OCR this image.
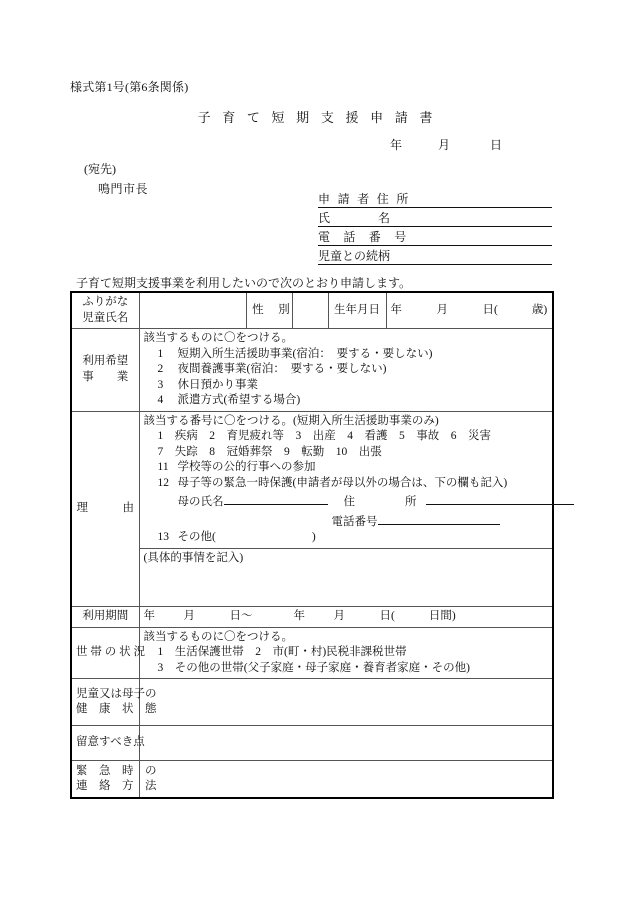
様式第1号(第6条関係)
子 育 て 短 期 支 援 申 請 書
年	月	日
(宛先)
鳴門市長
申 請 者 住 所
氏　　　　名
電 話 番 号
児童との続柄
子育て短期支援事業を利用したいので次のとおり申請します。
ふりがな
児童氏名		性　別		生年月日	年 月 日( 歳)

利用希望
事　　業

該当するものに〇をつける。
1 短期入所生活援助事業(宿泊：　要する・要しない)
2 夜間養護事業(宿泊：　要する・要しない)
3 休日預かり事業
4 派遣方式(希望する場合)

理　　　由	
該当する番号に〇をつける。(短期入所生活援助事業のみ)
1　疾病　2　育児疲れ等　3　出産　4　看護　5　事故　6　災害
7　失踪　8　冠婚葬祭　9　転勤　10　出張
11 学校等の公的行事への参加
12 母子等の緊急一時保護(申請者が母以外の場合は、下の欄も記入)
母の氏名	住　　所
電話番号
13 その他(	)

	(具体的事情を記入)				

利用期間	年 月 日～ 年 月 日( 日間)				
世 帯 の 状 況	
該当するものに〇をつける。
1　生活保護世帯　2　市(町・村)民税非課税世帯
3　その他の世帯(父子家庭・母子家庭・養育者家庭・その他)

児童又は母子の
健　康　状　態					

留意すべき点					

緊　急　時　の
連　絡　方　法					
